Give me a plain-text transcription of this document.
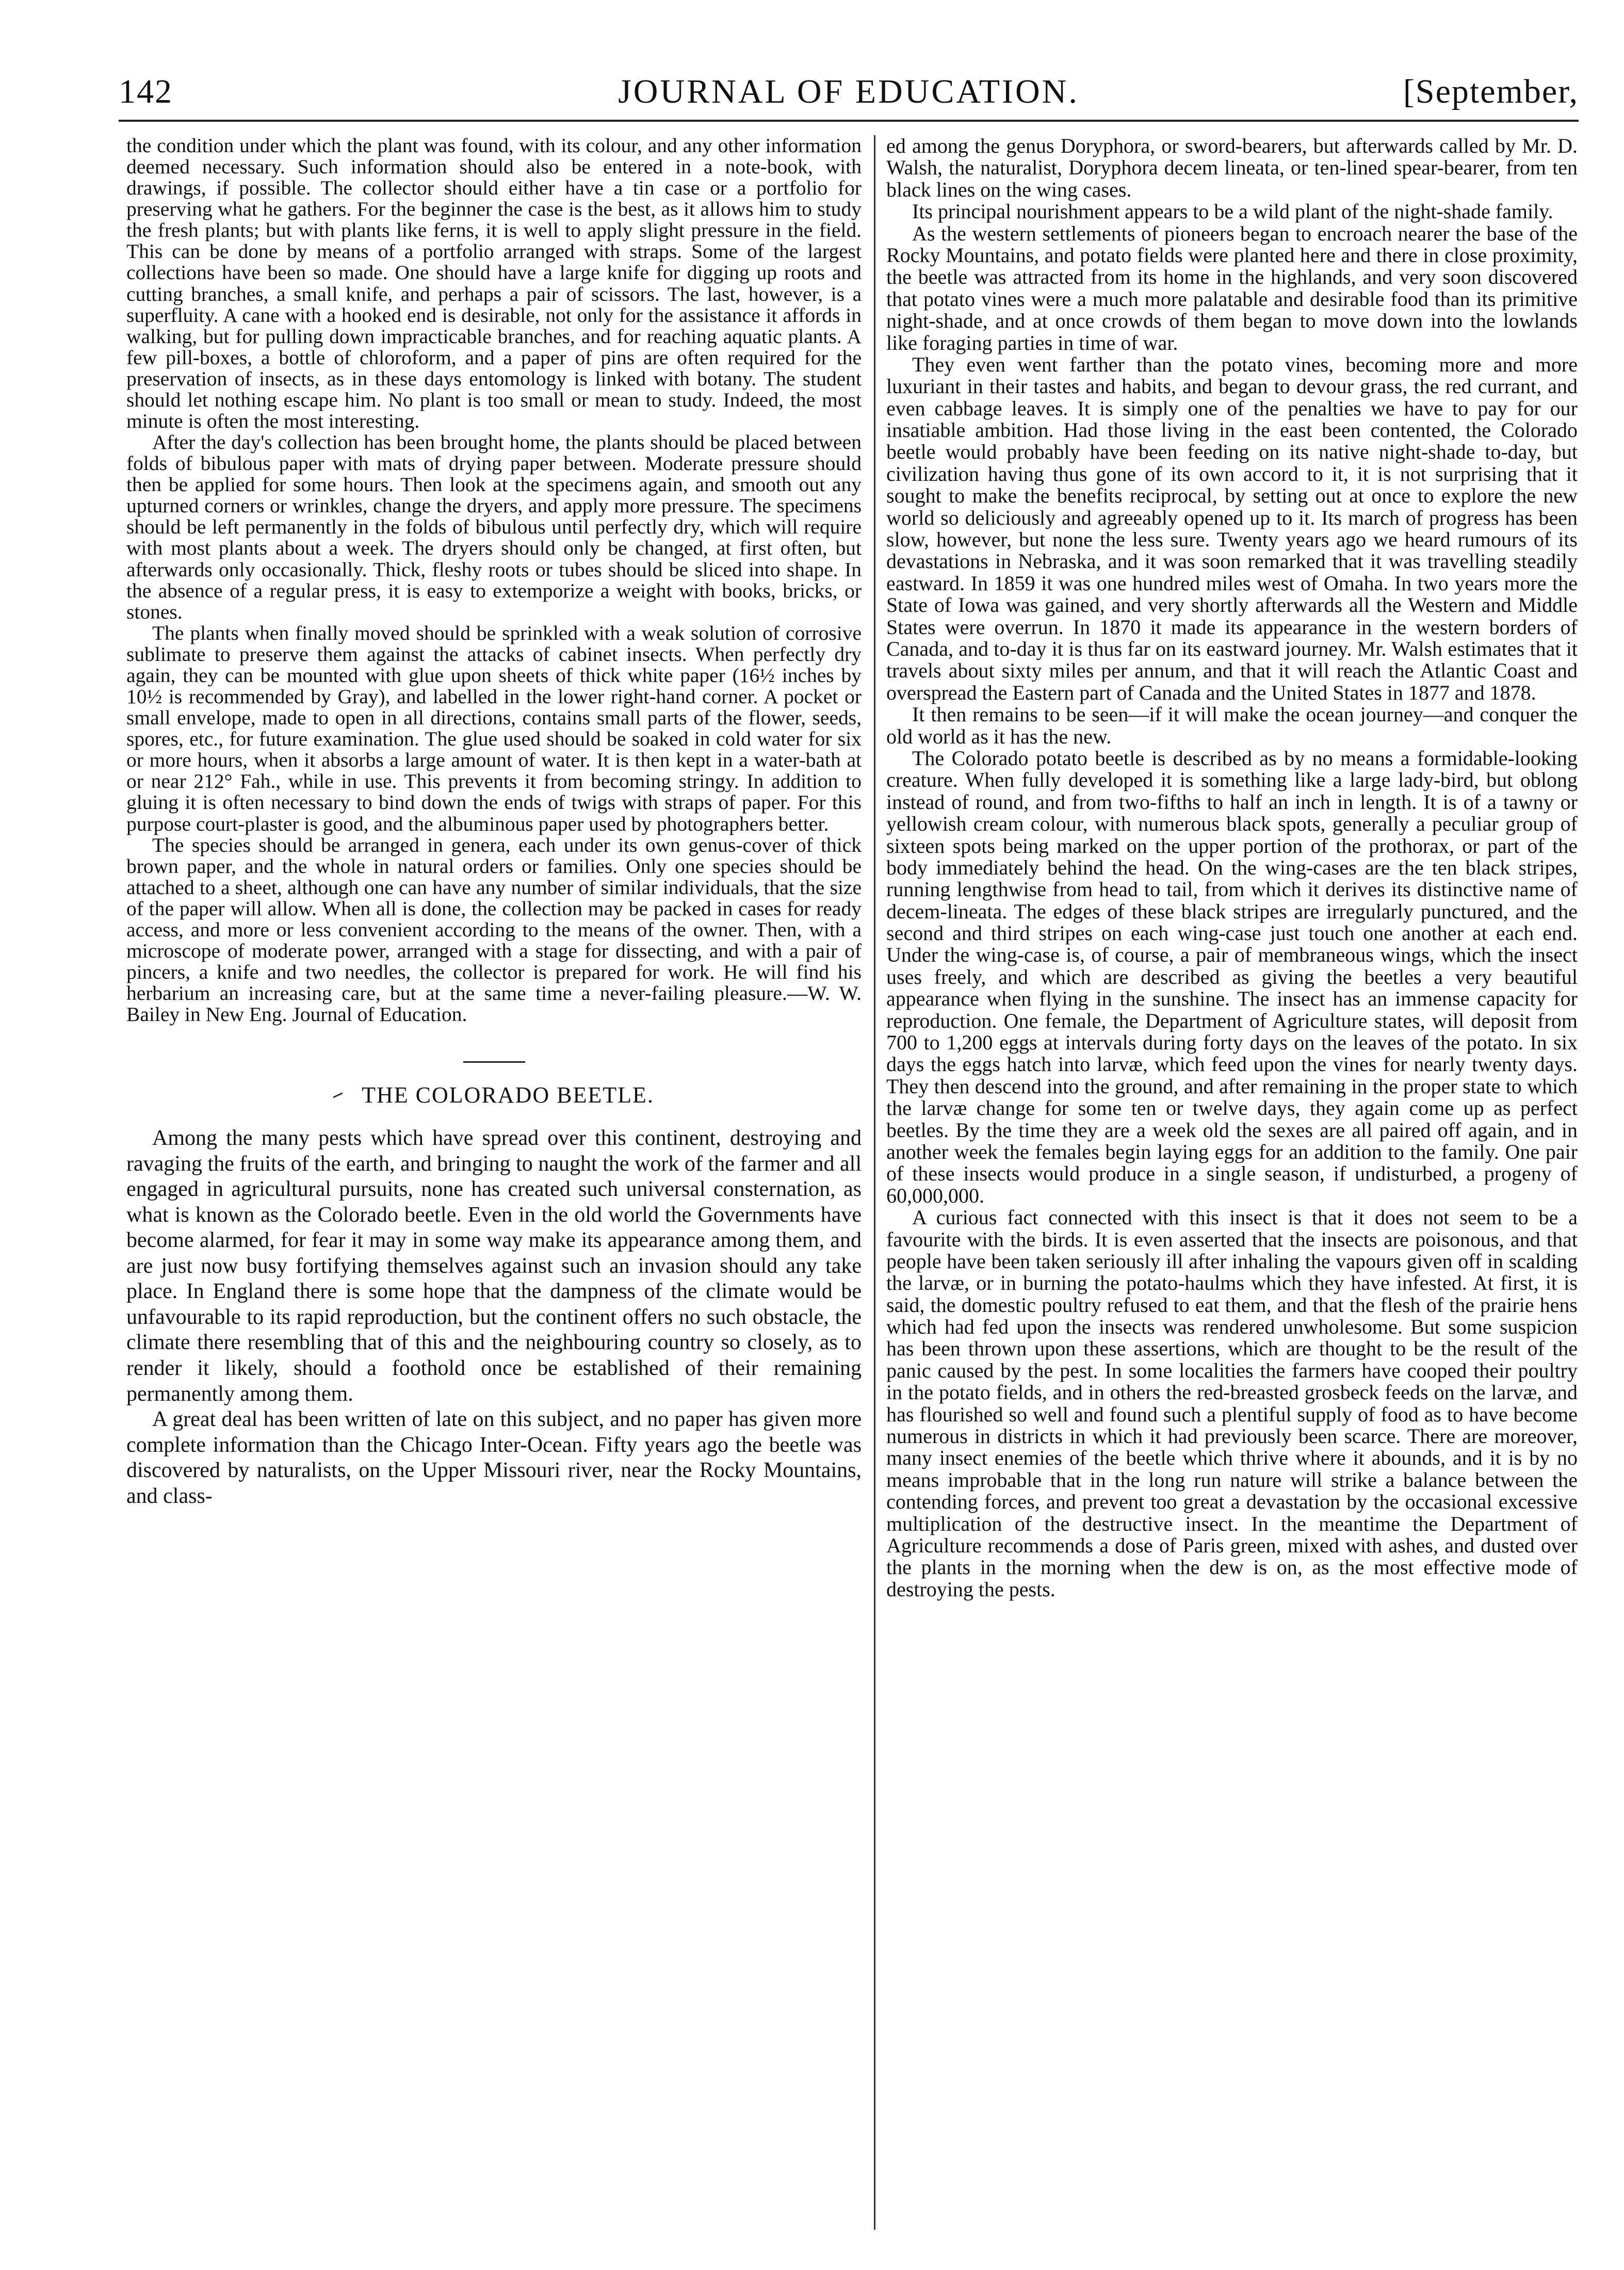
142	JOURNAL OF EDUCATION.	[September,

the condition under which the plant was found, with its colour, and any other information deemed necessary. Such information should also be entered in a note-book, with drawings, if possible. The collector should either have a tin case or a portfolio for preserving what he gathers. For the beginner the case is the best, as it allows him to study the fresh plants; but with plants like ferns, it is well to apply slight pressure in the field. This can be done by means of a portfolio arranged with straps. Some of the largest collections have been so made. One should have a large knife for digging up roots and cutting branches, a small knife, and perhaps a pair of scissors. The last, however, is a superfluity. A cane with a hooked end is desirable, not only for the assistance it affords in walking, but for pulling down impracticable branches, and for reaching aquatic plants. A few pill-boxes, a bottle of chloroform, and a paper of pins are often required for the preservation of insects, as in these days entomology is linked with botany. The student should let nothing escape him. No plant is too small or mean to study. Indeed, the most minute is often the most interesting.

After the day's collection has been brought home, the plants should be placed between folds of bibulous paper with mats of drying paper between. Moderate pressure should then be applied for some hours. Then look at the specimens again, and smooth out any upturned corners or wrinkles, change the dryers, and apply more pressure. The specimens should be left permanently in the folds of bibulous until perfectly dry, which will require with most plants about a week. The dryers should only be changed, at first often, but afterwards only occasionally. Thick, fleshy roots or tubes should be sliced into shape. In the absence of a regular press, it is easy to extemporize a weight with books, bricks, or stones.

The plants when finally moved should be sprinkled with a weak solution of corrosive sublimate to preserve them against the attacks of cabinet insects. When perfectly dry again, they can be mounted with glue upon sheets of thick white paper (16½ inches by 10½ is recommended by Gray), and labelled in the lower right-hand corner. A pocket or small envelope, made to open in all directions, contains small parts of the flower, seeds, spores, etc., for future examination. The glue used should be soaked in cold water for six or more hours, when it absorbs a large amount of water. It is then kept in a water-bath at or near 212° Fah., while in use. This prevents it from becoming stringy. In addition to gluing it is often necessary to bind down the ends of twigs with straps of paper. For this purpose court-plaster is good, and the albuminous paper used by photographers better.

The species should be arranged in genera, each under its own genus-cover of thick brown paper, and the whole in natural orders or families. Only one species should be attached to a sheet, although one can have any number of similar individuals, that the size of the paper will allow. When all is done, the collection may be packed in cases for ready access, and more or less convenient according to the means of the owner. Then, with a microscope of moderate power, arranged with a stage for dissecting, and with a pair of pincers, a knife and two needles, the collector is prepared for work. He will find his herbarium an increasing care, but at the same time a never-failing pleasure.—W. W. Bailey in New Eng. Journal of Education.

THE COLORADO BEETLE.

Among the many pests which have spread over this continent, destroying and ravaging the fruits of the earth, and bringing to naught the work of the farmer and all engaged in agricultural pursuits, none has created such universal consternation, as what is known as the Colorado beetle. Even in the old world the Governments have become alarmed, for fear it may in some way make its appearance among them, and are just now busy fortifying themselves against such an invasion should any take place. In England there is some hope that the dampness of the climate would be unfavourable to its rapid reproduction, but the continent offers no such obstacle, the climate there resembling that of this and the neighbouring country so closely, as to render it likely, should a foothold once be established of their remaining permanently among them.

A great deal has been written of late on this subject, and no paper has given more complete information than the Chicago Inter-Ocean. Fifty years ago the beetle was discovered by naturalists, on the Upper Missouri river, near the Rocky Mountains, and class-

ed among the genus Doryphora, or sword-bearers, but afterwards called by Mr. D. Walsh, the naturalist, Doryphora decem lineata, or ten-lined spear-bearer, from ten black lines on the wing cases.

Its principal nourishment appears to be a wild plant of the night-shade family.

As the western settlements of pioneers began to encroach nearer the base of the Rocky Mountains, and potato fields were planted here and there in close proximity, the beetle was attracted from its home in the highlands, and very soon discovered that potato vines were a much more palatable and desirable food than its primitive night-shade, and at once crowds of them began to move down into the lowlands like foraging parties in time of war.

They even went farther than the potato vines, becoming more and more luxuriant in their tastes and habits, and began to devour grass, the red currant, and even cabbage leaves. It is simply one of the penalties we have to pay for our insatiable ambition. Had those living in the east been contented, the Colorado beetle would probably have been feeding on its native night-shade to-day, but civilization having thus gone of its own accord to it, it is not surprising that it sought to make the benefits reciprocal, by setting out at once to explore the new world so deliciously and agreeably opened up to it. Its march of progress has been slow, however, but none the less sure. Twenty years ago we heard rumours of its devastations in Nebraska, and it was soon remarked that it was travelling steadily eastward. In 1859 it was one hundred miles west of Omaha. In two years more the State of Iowa was gained, and very shortly afterwards all the Western and Middle States were overrun. In 1870 it made its appearance in the western borders of Canada, and to-day it is thus far on its eastward journey. Mr. Walsh estimates that it travels about sixty miles per annum, and that it will reach the Atlantic Coast and overspread the Eastern part of Canada and the United States in 1877 and 1878.

It then remains to be seen—if it will make the ocean journey—and conquer the old world as it has the new.

The Colorado potato beetle is described as by no means a formidable-looking creature. When fully developed it is something like a large lady-bird, but oblong instead of round, and from two-fifths to half an inch in length. It is of a tawny or yellowish cream colour, with numerous black spots, generally a peculiar group of sixteen spots being marked on the upper portion of the prothorax, or part of the body immediately behind the head. On the wing-cases are the ten black stripes, running lengthwise from head to tail, from which it derives its distinctive name of decem-lineata. The edges of these black stripes are irregularly punctured, and the second and third stripes on each wing-case just touch one another at each end. Under the wing-case is, of course, a pair of membraneous wings, which the insect uses freely, and which are described as giving the beetles a very beautiful appearance when flying in the sunshine. The insect has an immense capacity for reproduction. One female, the Department of Agriculture states, will deposit from 700 to 1,200 eggs at intervals during forty days on the leaves of the potato. In six days the eggs hatch into larvæ, which feed upon the vines for nearly twenty days. They then descend into the ground, and after remaining in the proper state to which the larvæ change for some ten or twelve days, they again come up as perfect beetles. By the time they are a week old the sexes are all paired off again, and in another week the females begin laying eggs for an addition to the family. One pair of these insects would produce in a single season, if undisturbed, a progeny of 60,000,000.

A curious fact connected with this insect is that it does not seem to be a favourite with the birds. It is even asserted that the insects are poisonous, and that people have been taken seriously ill after inhaling the vapours given off in scalding the larvæ, or in burning the potato-haulms which they have infested. At first, it is said, the domestic poultry refused to eat them, and that the flesh of the prairie hens which had fed upon the insects was rendered unwholesome. But some suspicion has been thrown upon these assertions, which are thought to be the result of the panic caused by the pest. In some localities the farmers have cooped their poultry in the potato fields, and in others the red-breasted grosbeck feeds on the larvæ, and has flourished so well and found such a plentiful supply of food as to have become numerous in districts in which it had previously been scarce. There are moreover, many insect enemies of the beetle which thrive where it abounds, and it is by no means improbable that in the long run nature will strike a balance between the contending forces, and prevent too great a devastation by the occasional excessive multiplication of the destructive insect. In the meantime the Department of Agriculture recommends a dose of Paris green, mixed with ashes, and dusted over the plants in the morning when the dew is on, as the most effective mode of destroying the pests.
